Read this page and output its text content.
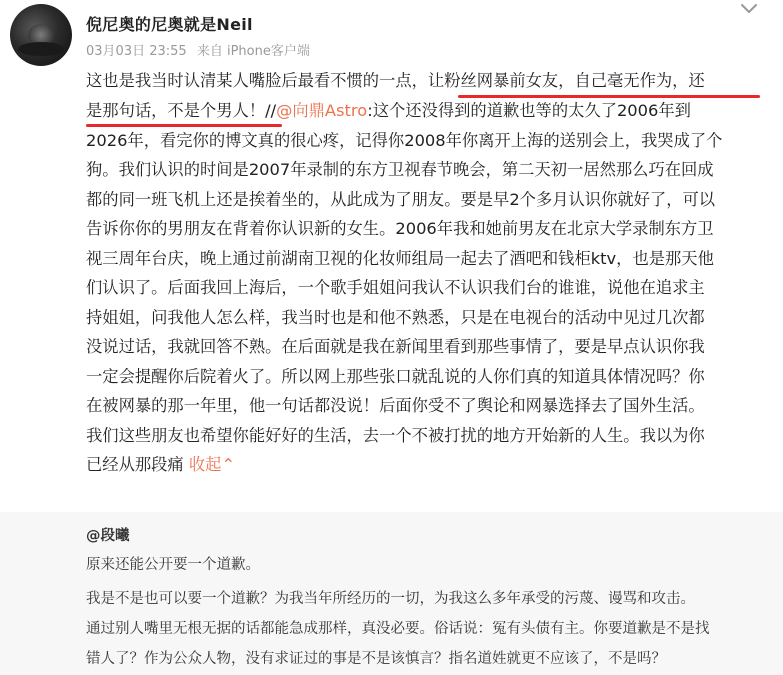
倪尼奥的尼奥就是Neil
03月03日 23:55 来自 iPhone客户端
这也是我当时认清某人嘴脸后最看不惯的一点，让粉丝网暴前女友，自己毫无作为，还
是那句话，不是个男人！//@向鼎Astro:这个还没得到的道歉也等的太久了2006年到
2026年，看完你的博文真的很心疼，记得你2008年你离开上海的送别会上，我哭成了个
狗。我们认识的时间是2007年录制的东方卫视春节晚会，第二天初一居然那么巧在回成
都的同一班飞机上还是挨着坐的，从此成为了朋友。要是早2个多月认识你就好了，可以
告诉你你的男朋友在背着你认识新的女生。2006年我和她前男友在北京大学录制东方卫
视三周年台庆，晚上通过前湖南卫视的化妆师组局一起去了酒吧和钱柜ktv，也是那天他
们认识了。后面我回上海后，一个歌手姐姐问我认不认识我们台的谁谁，说他在追求主
持姐姐，问我他人怎么样，我当时也是和他不熟悉，只是在电视台的活动中见过几次都
没说过话，我就回答不熟。在后面就是我在新闻里看到那些事情了，要是早点认识你我
一定会提醒你后院着火了。所以网上那些张口就乱说的人你们真的知道具体情况吗？你
在被网暴的那一年里，他一句话都没说！后面你受不了舆论和网暴选择去了国外生活。
我们这些朋友也希望你能好好的生活，去一个不被打扰的地方开始新的人生。我以为你
已经从那段痛 收起⌃
@段曦
原来还能公开要一个道歉。
我是不是也可以要一个道歉？为我当年所经历的一切，为我这么多年承受的污蔑、谩骂和攻击。
通过别人嘴里无根无据的话都能急成那样，真没必要。俗话说：冤有头债有主。你要道歉是不是找
错人了？作为公众人物，没有求证过的事是不是该慎言？指名道姓就更不应该了，不是吗？
